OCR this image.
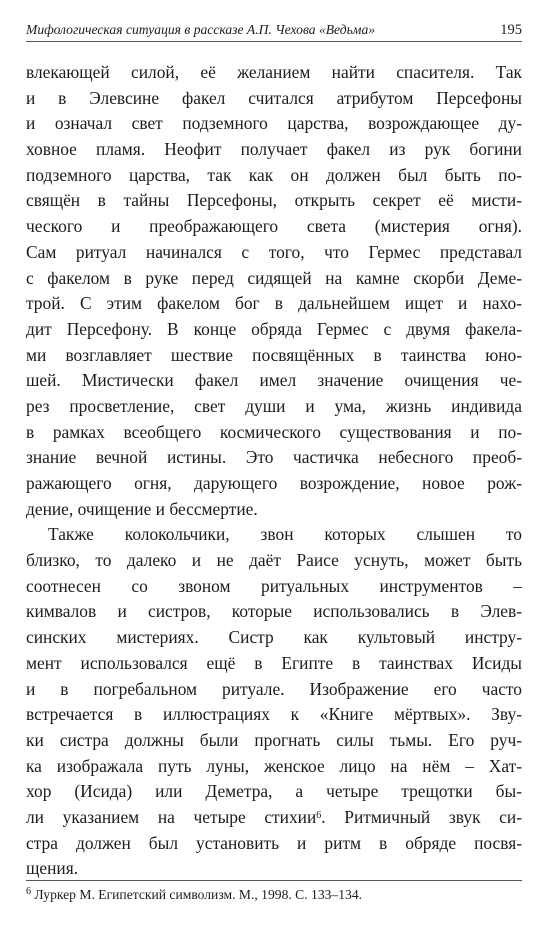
Мифологическая ситуация в рассказе А.П. Чехова «Ведьма»	195
влекающей силой, её желанием найти спасителя. Так
и в Элевсине факел считался атрибутом Персефоны
и означал свет подземного царства, возрождающее ду-
ховное пламя. Неофит получает факел из рук богини
подземного царства, так как он должен был быть по-
свящён в тайны Персефоны, открыть секрет её мисти-
ческого и преображающего света (мистерия огня).
Сам ритуал начинался с того, что Гермес представал
с факелом в руке перед сидящей на камне скорби Деме-
трой. С этим факелом бог в дальнейшем ищет и нахо-
дит Персефону. В конце обряда Гермес с двумя факела-
ми возглавляет шествие посвящённых в таинства юно-
шей. Мистически факел имел значение очищения че-
рез просветление, свет души и ума, жизнь индивида
в рамках всеобщего космического существования и по-
знание вечной истины. Это частичка небесного преоб-
ражающего огня, дарующего возрождение, новое рож-
дение, очищение и бессмертие.
Также колокольчики, звон которых слышен то
близко, то далеко и не даёт Раисе уснуть, может быть
соотнесен со звоном ритуальных инструментов –
кимвалов и систров, которые использовались в Элев-
синских мистериях. Систр как культовый инстру-
мент использовался ещё в Египте в таинствах Исиды
и в погребальном ритуале. Изображение его часто
встречается в иллюстрациях к «Книге мёртвых». Зву-
ки систра должны были прогнать силы тьмы. Его руч-
ка изображала путь луны, женское лицо на нём – Хат-
хор (Исида) или Деметра, а четыре трещотки бы-
ли указанием на четыре стихии$^6$. Ритмичный звук си-
стра должен был установить и ритм в обряде посвя-
щения.
$^6$ Луркер М. Египетский символизм. М., 1998. С. 133–134.
